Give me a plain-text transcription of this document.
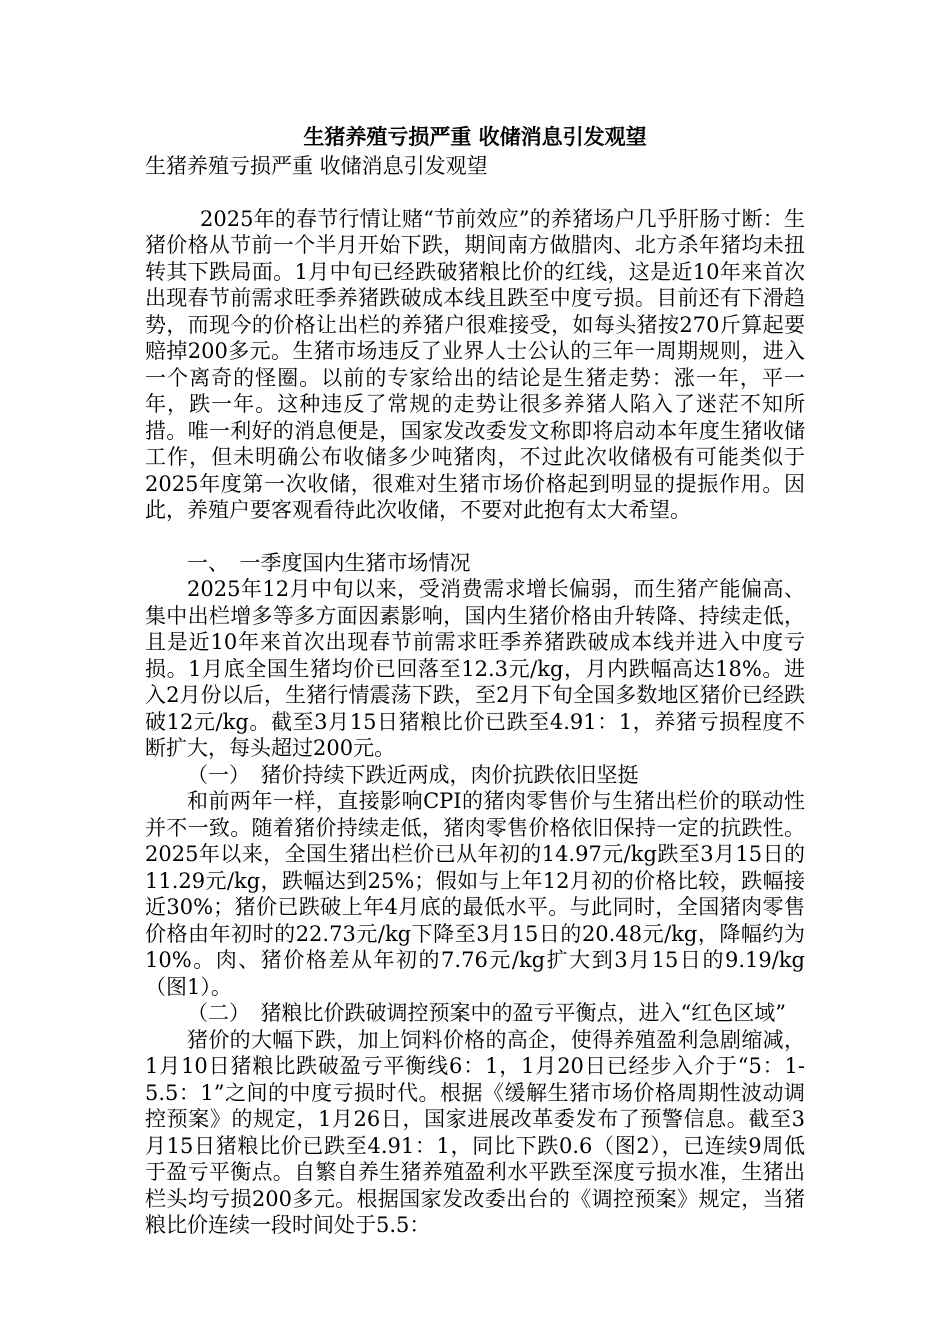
生猪养殖亏损严重 收储消息引发观望

生猪养殖亏损严重 收储消息引发观望

2025年的春节行情让赌“节前效应”的养猪场户几乎肝肠寸断：生猪价格从节前一个半月开始下跌，期间南方做腊肉、北方杀年猪均未扭转其下跌局面。1月中旬已经跌破猪粮比价的红线，这是近10年来首次出现春节前需求旺季养猪跌破成本线且跌至中度亏损。目前还有下滑趋势，而现今的价格让出栏的养猪户很难接受，如每头猪按270斤算起要赔掉200多元。生猪市场违反了业界人士公认的三年一周期规则，进入一个离奇的怪圈。以前的专家给出的结论是生猪走势：涨一年，平一年，跌一年。这种违反了常规的走势让很多养猪人陷入了迷茫不知所措。唯一利好的消息便是，国家发改委发文称即将启动本年度生猪收储工作，但未明确公布收储多少吨猪肉，不过此次收储极有可能类似于2025年度第一次收储，很难对生猪市场价格起到明显的提振作用。因此，养殖户要客观看待此次收储，不要对此抱有太大希望。

一、　一季度国内生猪市场情况

2025年12月中旬以来，受消费需求增长偏弱，而生猪产能偏高、集中出栏增多等多方面因素影响，国内生猪价格由升转降、持续走低，且是近10年来首次出现春节前需求旺季养猪跌破成本线并进入中度亏损。1月底全国生猪均价已回落至12.3元/kg，月内跌幅高达18%。进入2月份以后，生猪行情震荡下跌，至2月下旬全国多数地区猪价已经跌破12元/kg。截至3月15日猪粮比价已跌至4.91：1，养猪亏损程度不断扩大，每头超过200元。

（一）　猪价持续下跌近两成，肉价抗跌依旧坚挺

和前两年一样，直接影响CPI的猪肉零售价与生猪出栏价的联动性并不一致。随着猪价持续走低，猪肉零售价格依旧保持一定的抗跌性。2025年以来，全国生猪出栏价已从年初的14.97元/kg跌至3月15日的11.29元/kg，跌幅达到25%；假如与上年12月初的价格比较，跌幅接近30%；猪价已跌破上年4月底的最低水平。与此同时，全国猪肉零售价格由年初时的22.73元/kg下降至3月15日的20.48元/kg，降幅约为10%。肉、猪价格差从年初的7.76元/kg扩大到3月15日的9.19/kg（图1）。

（二）　猪粮比价跌破调控预案中的盈亏平衡点，进入“红色区域”

猪价的大幅下跌，加上饲料价格的高企，使得养殖盈利急剧缩减，1月10日猪粮比跌破盈亏平衡线6：1，1月20日已经步入介于“5：1-5.5：1”之间的中度亏损时代。根据《缓解生猪市场价格周期性波动调控预案》的规定，1月26日，国家进展改革委发布了预警信息。截至3月15日猪粮比价已跌至4.91：1，同比下跌0.6（图2），已连续9周低于盈亏平衡点。自繁自养生猪养殖盈利水平跌至深度亏损水准，生猪出栏头均亏损200多元。根据国家发改委出台的《调控预案》规定，当猪粮比价连续一段时间处于5.5：
